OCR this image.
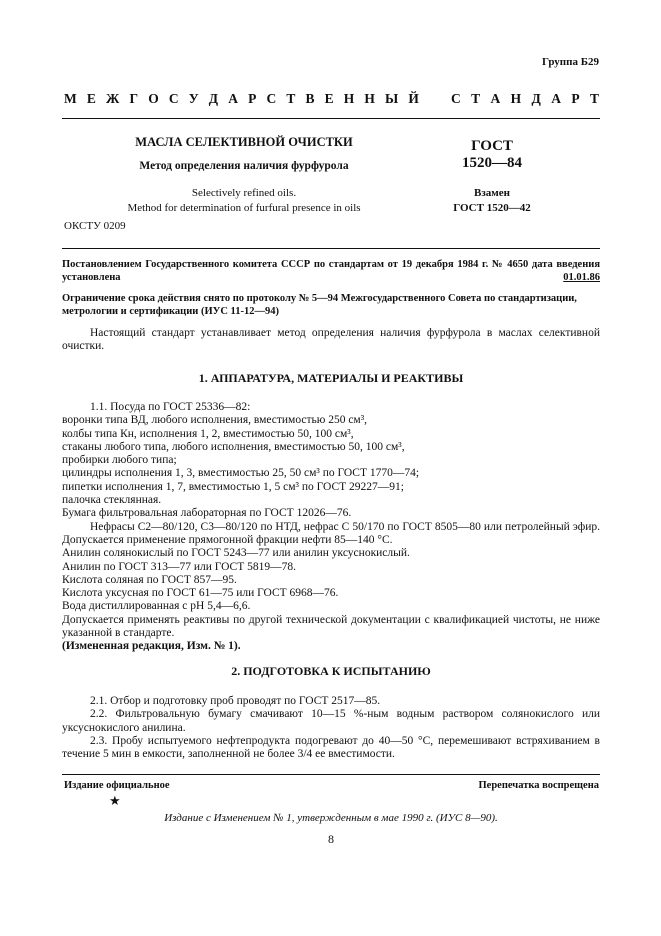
Группа Б29
М Е Ж Г О С У Д А Р С Т В Е Н Н Ы Й С Т А Н Д А Р Т
МАСЛА СЕЛЕКТИВНОЙ ОЧИСТКИ
Метод определения наличия фурфурола
Selectively refined oils.
Method for determination of furfural presence in oils
ГОСТ
1520—84
Взамен
ГОСТ 1520—42
ОКСТУ 0209
Постановлением Государственного комитета СССР по стандартам от 19 декабря 1984 г. № 4650 дата введения установлена	01.01.86
Ограничение срока действия снято по протоколу № 5—94 Межгосударственного Совета по стандартизации, метрологии и сертификации (ИУС 11-12—94)
Настоящий стандарт устанавливает метод определения наличия фурфурола в маслах селективной очистки.
1. АППАРАТУРА, МАТЕРИАЛЫ И РЕАКТИВЫ
1.1. Посуда по ГОСТ 25336—82:
воронки типа ВД, любого исполнения, вместимостью 250 см³,
колбы типа Кн, исполнения 1, 2, вместимостью 50, 100 см³,
стаканы любого типа, любого исполнения, вместимостью 50, 100 см³,
пробирки любого типа;
цилиндры исполнения 1, 3, вместимостью 25, 50 см³ по ГОСТ 1770—74;
пипетки исполнения 1, 7, вместимостью 1, 5 см³ по ГОСТ 29227—91;
палочка стеклянная.
Бумага фильтровальная лабораторная по ГОСТ 12026—76.
Нефрасы С2—80/120, С3—80/120 по НТД, нефрас С 50/170 по ГОСТ 8505—80 или петролейный эфир. Допускается применение прямогонной фракции нефти 85—140 °С.
Анилин солянокислый по ГОСТ 5243—77 или анилин уксуснокислый.
Анилин по ГОСТ 313—77 или ГОСТ 5819—78.
Кислота соляная по ГОСТ 857—95.
Кислота уксусная по ГОСТ 61—75 или ГОСТ 6968—76.
Вода дистиллированная с pH 5,4—6,6.
Допускается применять реактивы по другой технической документации с квалификацией чистоты, не ниже указанной в стандарте.
(Измененная редакция, Изм. № 1).
2. ПОДГОТОВКА К ИСПЫТАНИЮ
2.1. Отбор и подготовку проб проводят по ГОСТ 2517—85.
2.2. Фильтровальную бумагу смачивают 10—15 %-ным водным раствором солянокислого или уксуснокислого анилина.
2.3. Пробу испытуемого нефтепродукта подогревают до 40—50 °С, перемешивают встряхиванием в течение 5 мин в емкости, заполненной не более 3/4 ее вместимости.
Издание официальное	Перепечатка воспрещена
★
Издание с Изменением № 1, утвержденным в мае 1990 г. (ИУС 8—90).
8
